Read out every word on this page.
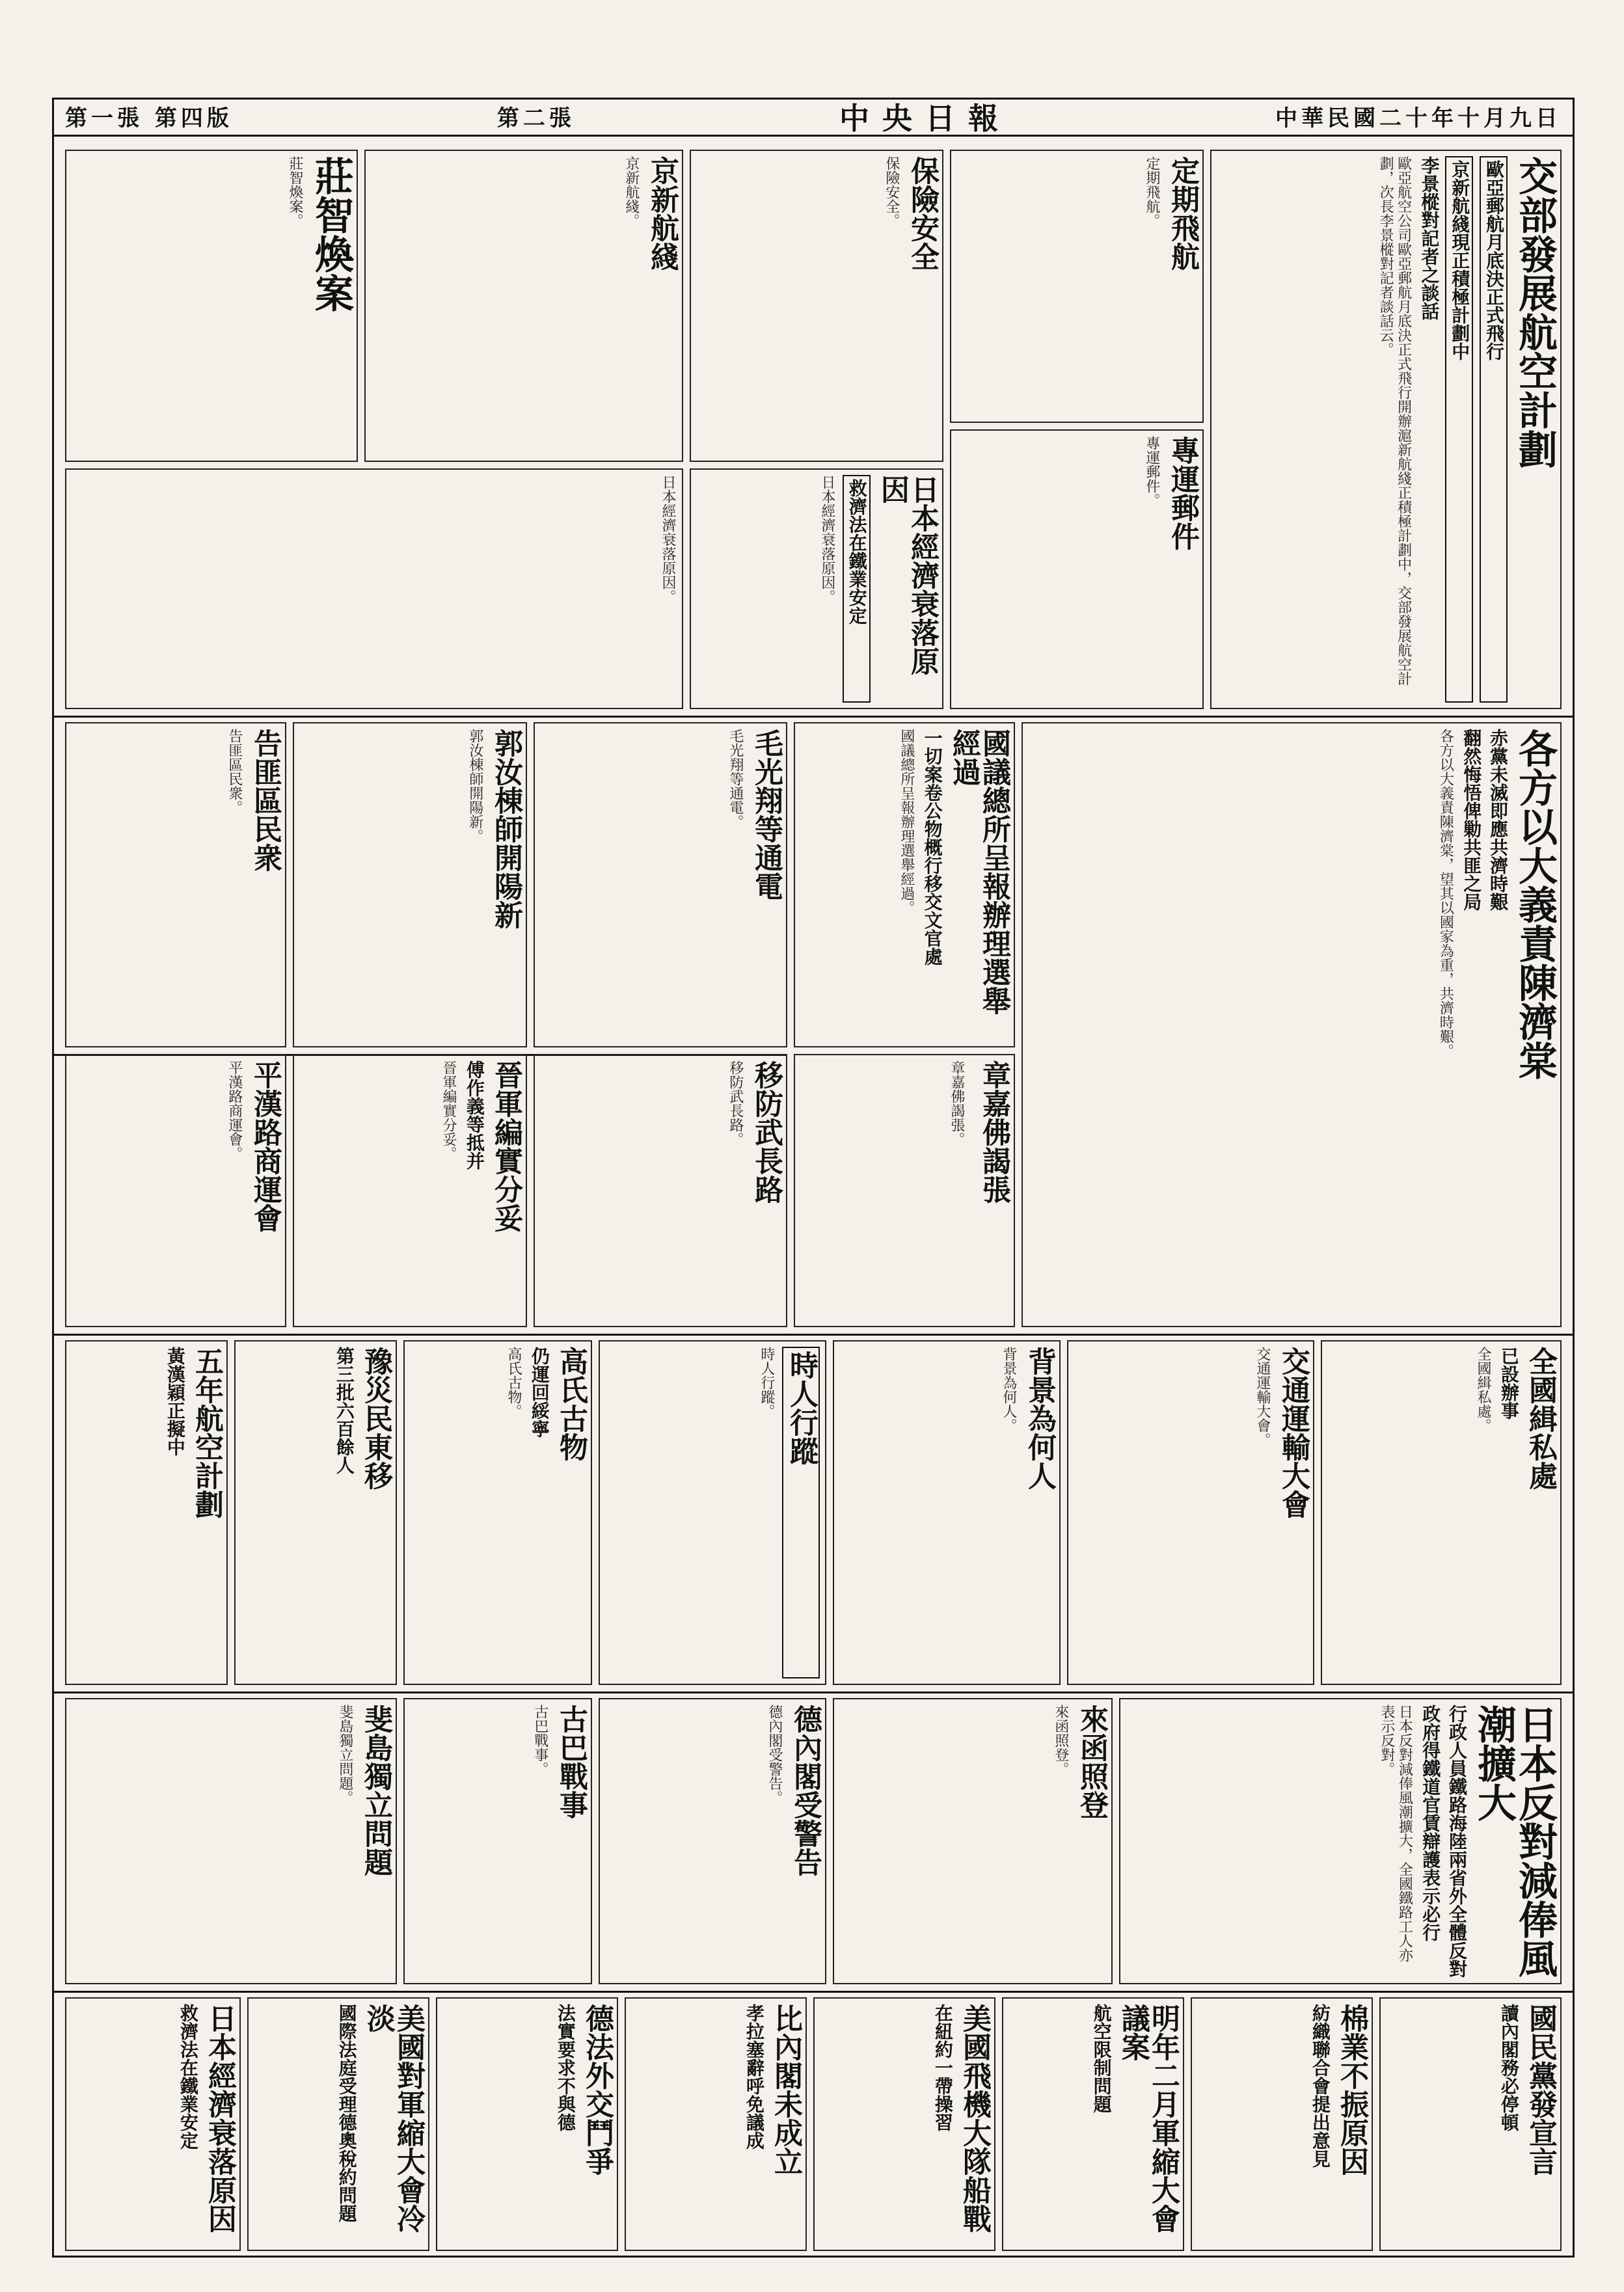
第一張 第四版	第二張	中央日報	中華民國二十年十月九日
交部發展航空計劃
歐亞郵航月底決正式飛行
京新航綫現正積極計劃中
李景樅對記者之談話
歐亞航空公司歐亞郵航月底決正式飛行開辦滬新航綫正積極計劃中，交部發展航空計劃，次長李景樅對記者談話云。
定期飛航
定期飛航。
專運郵件
專運郵件。
保險安全
保險安全。
京新航綫
京新航綫。
莊智煥案
莊智煥案。
日本經濟衰落原因
救濟法在鐵業安定
日本經濟衰落原因。
日本經濟衰落原因。
各方以大義責陳濟棠
赤黨未滅即應共濟時艱
翻然悔悟俾勦共匪之局
各方以大義責陳濟棠，望其以國家為重，共濟時艱。
國議總所呈報辦理選舉經過
一切案卷公物概行移交文官處
國議總所呈報辦理選舉經過。
章嘉佛謁張
章嘉佛謁張。
毛光翔等通電
毛光翔等通電。
郭汝棟師開陽新
郭汝棟師開陽新。
告匪區民衆
告匪區民衆。
移防武長路
移防武長路。
晉軍編實分妥
傅作義等抵并
晉軍編實分妥。
平漢路商運會
平漢路商運會。
全國緝私處
已設辦事
全國緝私處。
交通運輸大會
交通運輸大會。
背景為何人
背景為何人。
時人行蹤
時人行蹤。
高氏古物
仍運回綏寧
高氏古物。
豫災民東移
第三批六百餘人
五年航空計劃
黃漢穎正擬中
日本反對減俸風潮擴大
行政人員鐵路海陸兩省外全體反對
政府得鐵道官賃辯護表示必行
日本反對減俸風潮擴大，全國鐵路工人亦表示反對。
來函照登
來函照登。
德內閣受警告
德內閣受警告。
古巴戰事
古巴戰事。
斐島獨立問題
斐島獨立問題。
國民黨發宣言
讀內閣務必停頓
棉業不振原因
紡織聯合會提出意見
明年二月軍縮大會議案
航空限制問題
美國飛機大隊船戰
在紐約一帶操習
比內閣未成立
孝拉塞辭呼免議成
德法外交鬥爭
法實要求不與德
美國對軍縮大會冷淡
國際法庭受理德奧稅約問題
日本經濟衰落原因
救濟法在鐵業安定
